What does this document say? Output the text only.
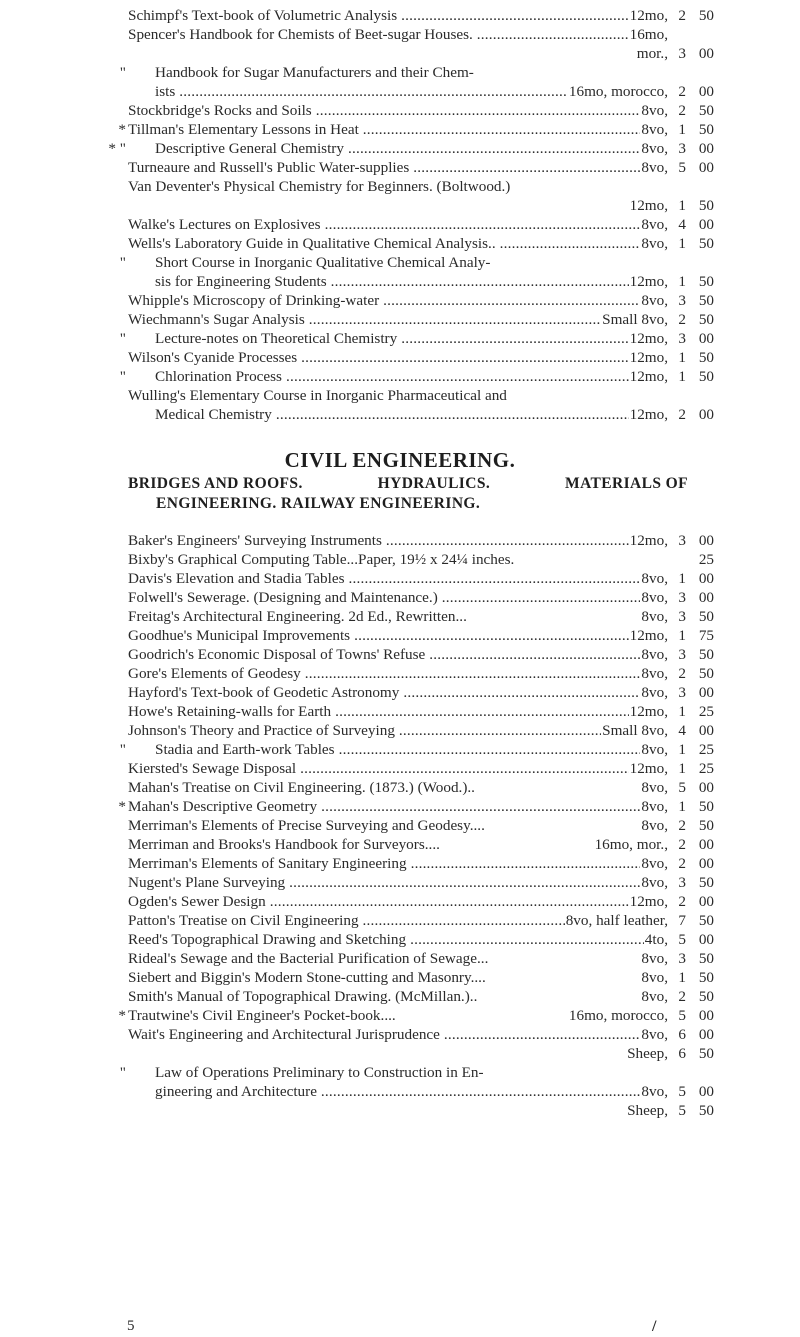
Schimpf's Text-book of Volumetric Analysis .....	12mo, 2 50
Spencer's Handbook for Chemists of Beet-sugar Houses. .....	16mo,
mor., 3 00
" Handbook for Sugar Manufacturers and their Chem-
ists .....	16mo, morocco, 2 00
Stockbridge's Rocks and Soils .....	8vo, 2 50
* Tillman's Elementary Lessons in Heat .....	8vo, 1 50
* " Descriptive General Chemistry .....	8vo, 3 00
Turneaure and Russell's Public Water-supplies .....	8vo, 5 00
Van Deventer's Physical Chemistry for Beginners. (Boltwood.)
12mo, 1 50
Walke's Lectures on Explosives .....	8vo, 4 00
Wells's Laboratory Guide in Qualitative Chemical Analysis.. .....	8vo, 1 50
" Short Course in Inorganic Qualitative Chemical Analy-
sis for Engineering Students .....	12mo, 1 50
Whipple's Microscopy of Drinking-water .....	8vo, 3 50
Wiechmann's Sugar Analysis .....	Small 8vo, 2 50
" Lecture-notes on Theoretical Chemistry .....	12mo, 3 00
Wilson's Cyanide Processes .....	12mo, 1 50
" Chlorination Process .....	12mo, 1 50
Wulling's Elementary Course in Inorganic Pharmaceutical and
Medical Chemistry .....	12mo, 2 00
CIVIL ENGINEERING.
BRIDGES AND ROOFS.	HYDRAULICS.	MATERIALS OF
ENGINEERING. RAILWAY ENGINEERING.
Baker's Engineers' Surveying Instruments .....	12mo, 3 00
Bixby's Graphical Computing Table...Paper, 19½ x 24¼ inches.	25
Davis's Elevation and Stadia Tables .....	8vo, 1 00
Folwell's Sewerage. (Designing and Maintenance.) .....	8vo, 3 00
Freitag's Architectural Engineering. 2d Ed., Rewritten...	8vo, 3 50
Goodhue's Municipal Improvements .....	12mo, 1 75
Goodrich's Economic Disposal of Towns' Refuse .....	8vo, 3 50
Gore's Elements of Geodesy .....	8vo, 2 50
Hayford's Text-book of Geodetic Astronomy .....	8vo, 3 00
Howe's Retaining-walls for Earth .....	12mo, 1 25
Johnson's Theory and Practice of Surveying .....	Small 8vo, 4 00
" Stadia and Earth-work Tables .....	8vo, 1 25
Kiersted's Sewage Disposal .....	12mo, 1 25
Mahan's Treatise on Civil Engineering. (1873.) (Wood.)..	8vo, 5 00
* Mahan's Descriptive Geometry .....	8vo, 1 50
Merriman's Elements of Precise Surveying and Geodesy....	8vo, 2 50
Merriman and Brooks's Handbook for Surveyors....	16mo, mor., 2 00
Merriman's Elements of Sanitary Engineering .....	8vo, 2 00
Nugent's Plane Surveying .....	8vo, 3 50
Ogden's Sewer Design .....	12mo, 2 00
Patton's Treatise on Civil Engineering .....	8vo, half leather, 7 50
Reed's Topographical Drawing and Sketching .....	4to, 5 00
Rideal's Sewage and the Bacterial Purification of Sewage...	8vo, 3 50
Siebert and Biggin's Modern Stone-cutting and Masonry....	8vo, 1 50
Smith's Manual of Topographical Drawing. (McMillan.)..	8vo, 2 50
* Trautwine's Civil Engineer's Pocket-book....	16mo, morocco, 5 00
Wait's Engineering and Architectural Jurisprudence .....	8vo, 6 00
Sheep, 6 50
" Law of Operations Preliminary to Construction in En-
gineering and Architecture .....	8vo, 5 00
Sheep, 5 50
5	/
